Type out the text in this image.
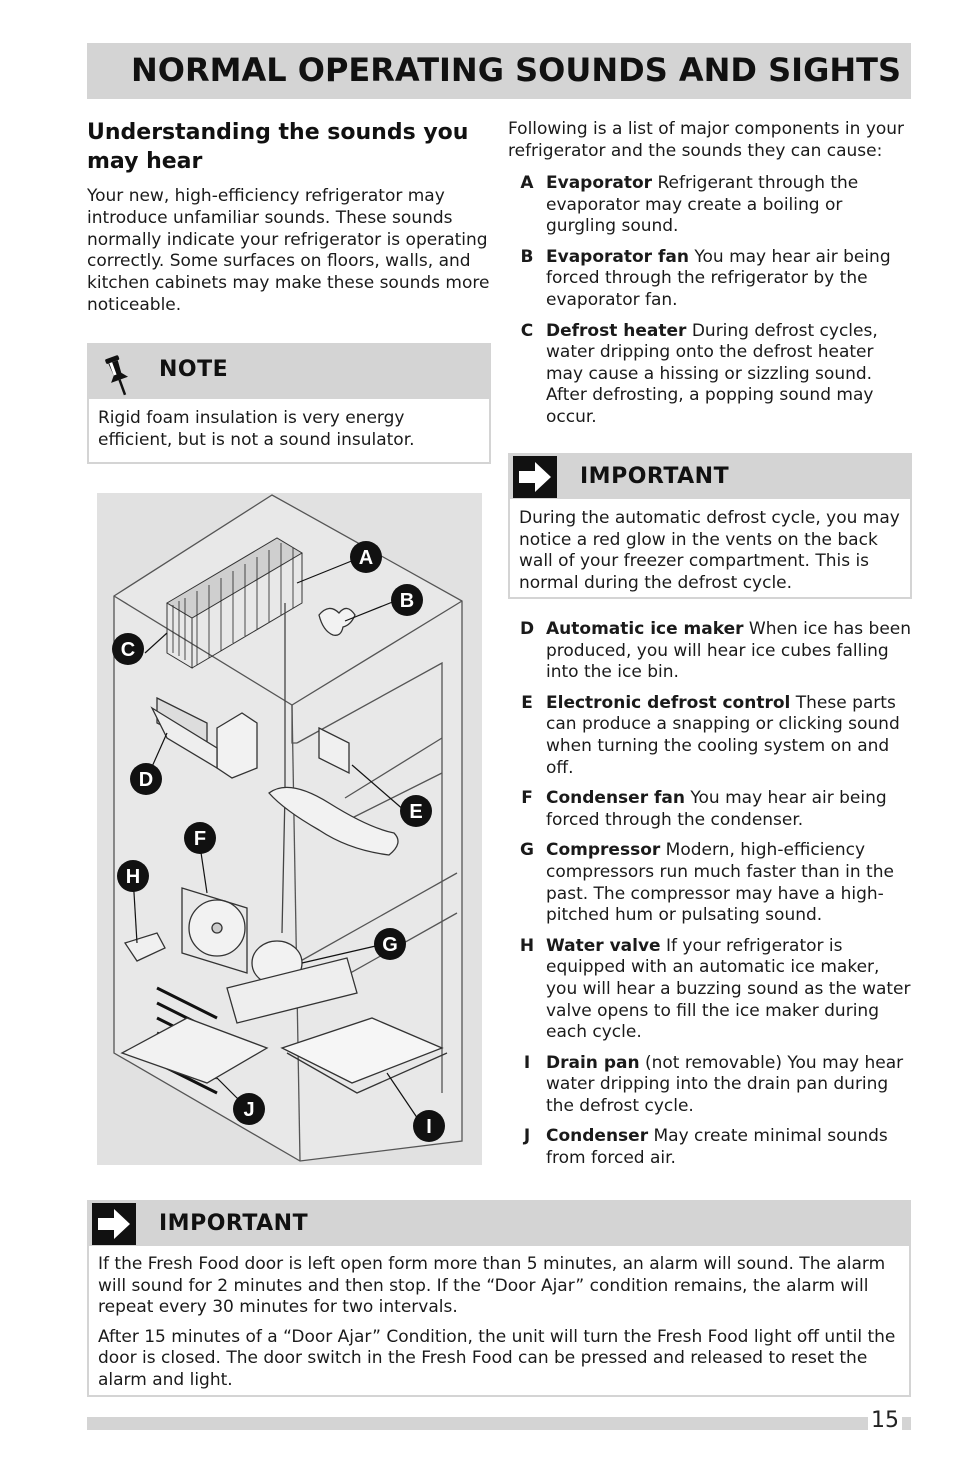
NORMAL OPERATING SOUNDS AND SIGHTS
Understanding the sounds you may hear

Your new, high-efficiency refrigerator may introduce unfamiliar sounds. These sounds normally indicate your refrigerator is operating correctly. Some surfaces on floors, walls, and kitchen cabinets may make these sounds more noticeable.

NOTE

Rigid foam insulation is very energy efficient, but is not a sound insulator.

A
B
C
D
E
F
G
H
I
J

Following is a list of major components in your refrigerator and the sounds they can cause:

A Evaporator Refrigerant through the evaporator may create a boiling or gurgling sound.
B Evaporator fan You may hear air being forced through the refrigerator by the evaporator fan.
C Defrost heater During defrost cycles, water dripping onto the defrost heater may cause a hissing or sizzling sound. After defrosting, a popping sound may occur.
IMPORTANT

During the automatic defrost cycle, you may notice a red glow in the vents on the back wall of your freezer compartment. This is normal during the defrost cycle.

D Automatic ice maker When ice has been produced, you will hear ice cubes falling into the ice bin.
E Electronic defrost control These parts can produce a snapping or clicking sound when turning the cooling system on and off.
F Condenser fan You may hear air being forced through the condenser.
G Compressor Modern, high-efficiency compressors run much faster than in the past. The compressor may have a high-pitched hum or pulsating sound.
H Water valve If your refrigerator is equipped with an automatic ice maker, you will hear a buzzing sound as the water valve opens to fill the ice maker during each cycle.
I Drain pan (not removable) You may hear water dripping into the drain pan during the defrost cycle.
J Condenser May create minimal sounds from forced air.
IMPORTANT

If the Fresh Food door is left open form more than 5 minutes, an alarm will sound. The alarm will sound for 2 minutes and then stop. If the “Door Ajar” condition remains, the alarm will repeat every 30 minutes for two intervals.

After 15 minutes of a “Door Ajar” Condition, the unit will turn the Fresh Food light off until the door is closed. The door switch in the Fresh Food can be pressed and released to reset the alarm and light.

15
